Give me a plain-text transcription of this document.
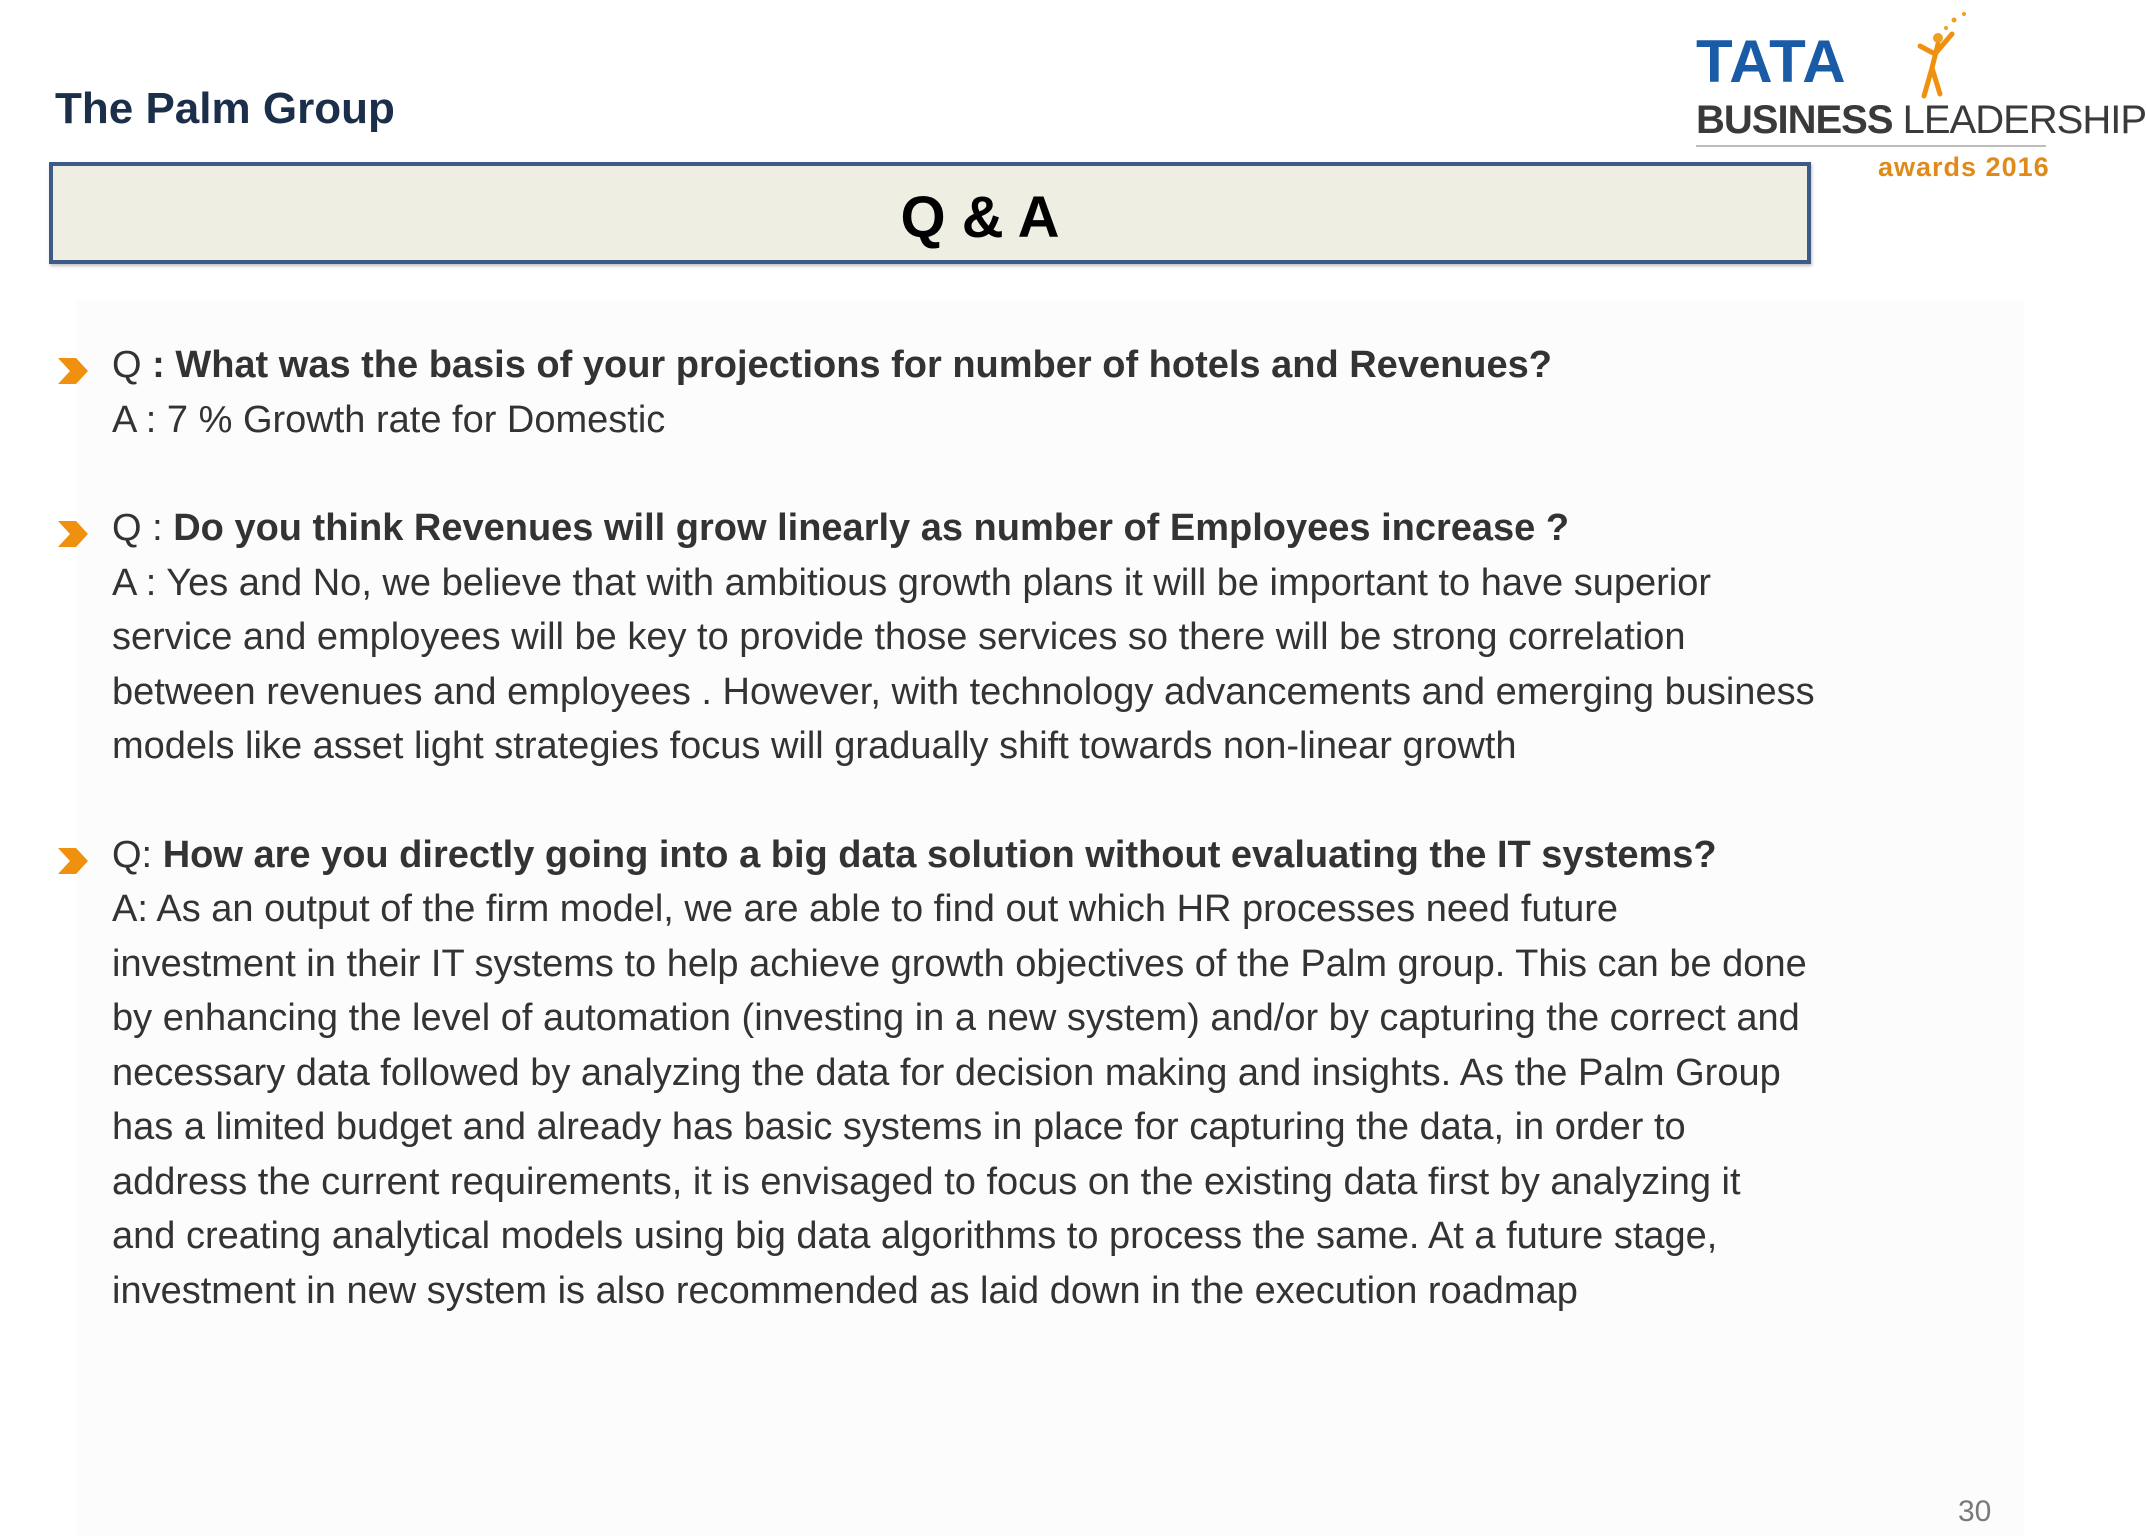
The Palm Group
TATA
BUSINESS LEADERSHIP
awards 2016
Q & A
Q : What was the basis of your projections for number of hotels and Revenues?
A : 7 % Growth rate for Domestic
Q : Do you think Revenues will grow linearly as number of Employees increase ?
A : Yes and No, we believe that with ambitious growth plans it will be important to have superior
service and employees will be key to provide those services so there will be strong correlation
between revenues and employees . However, with technology advancements and emerging business
models like asset light strategies focus will gradually shift towards non-linear growth
Q: How are you directly going into a big data solution without evaluating the IT systems?
A: As an output of the firm model, we are able to find out which HR processes need future
investment in their IT systems to help achieve growth objectives of the Palm group. This can be done
by enhancing the level of automation (investing in a new system) and/or by capturing the correct and
necessary data followed by analyzing the data for decision making and insights. As the Palm Group
has a limited budget and already has basic systems in place for capturing the data, in order to
address the current requirements, it is envisaged to focus on the existing data first by analyzing it
and creating analytical models using big data algorithms to process the same. At a future stage,
investment in new system is also recommended as laid down in the execution roadmap
30
